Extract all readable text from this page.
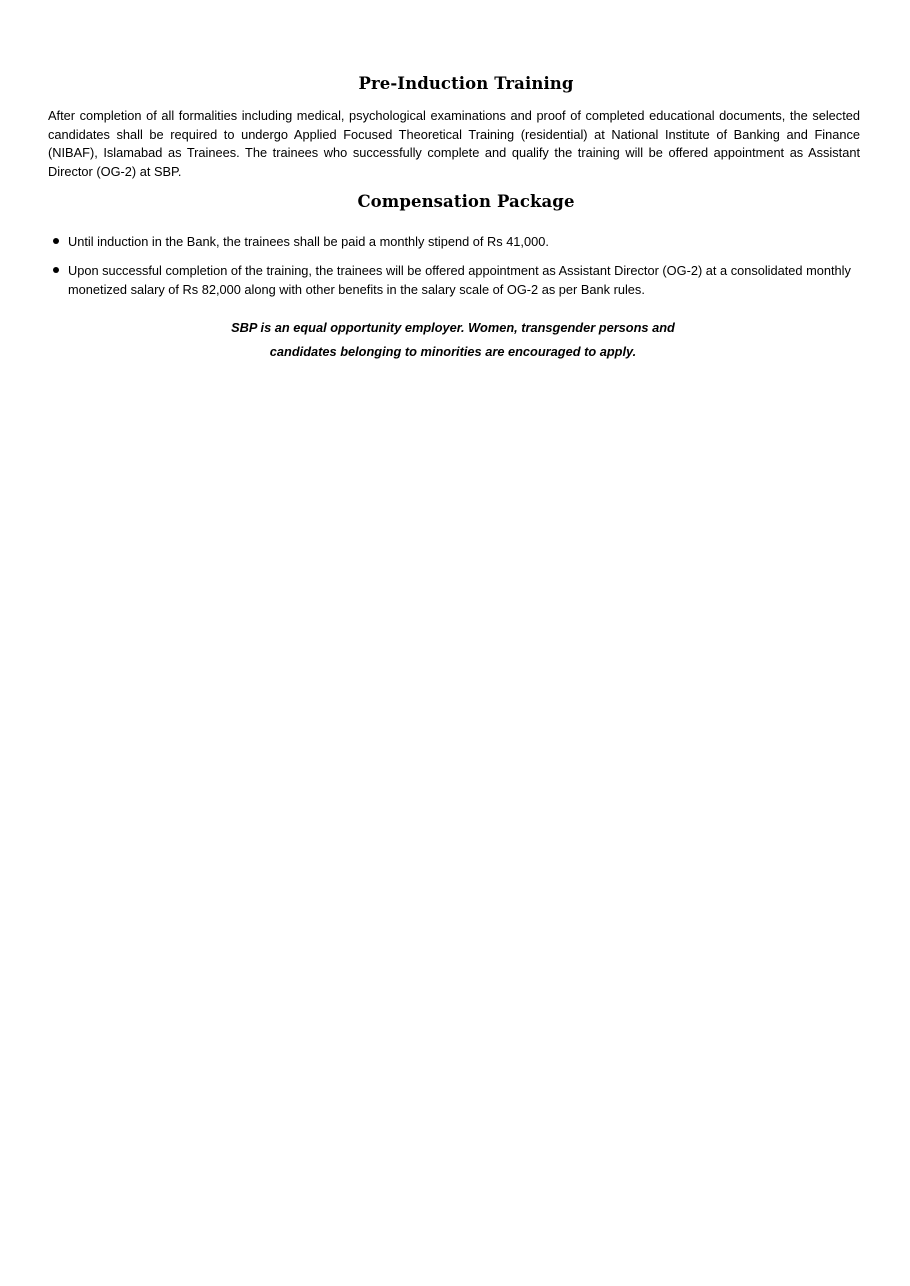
Pre-Induction Training

After completion of all formalities including medical, psychological examinations and proof of completed educational documents, the selected candidates shall be required to undergo Applied Focused Theoretical Training (residential) at National Institute of Banking and Finance (NIBAF), Islamabad as Trainees. The trainees who successfully complete and qualify the training will be offered appointment as Assistant Director (OG-2) at SBP.

Compensation Package
Until induction in the Bank, the trainees shall be paid a monthly stipend of Rs 41,000.
Upon successful completion of the training, the trainees will be offered appointment as Assistant Director (OG-2) at a consolidated monthly monetized salary of Rs 82,000 along with other benefits in the salary scale of OG-2 as per Bank rules.

SBP is an equal opportunity employer. Women, transgender persons and
candidates belonging to minorities are encouraged to apply.
